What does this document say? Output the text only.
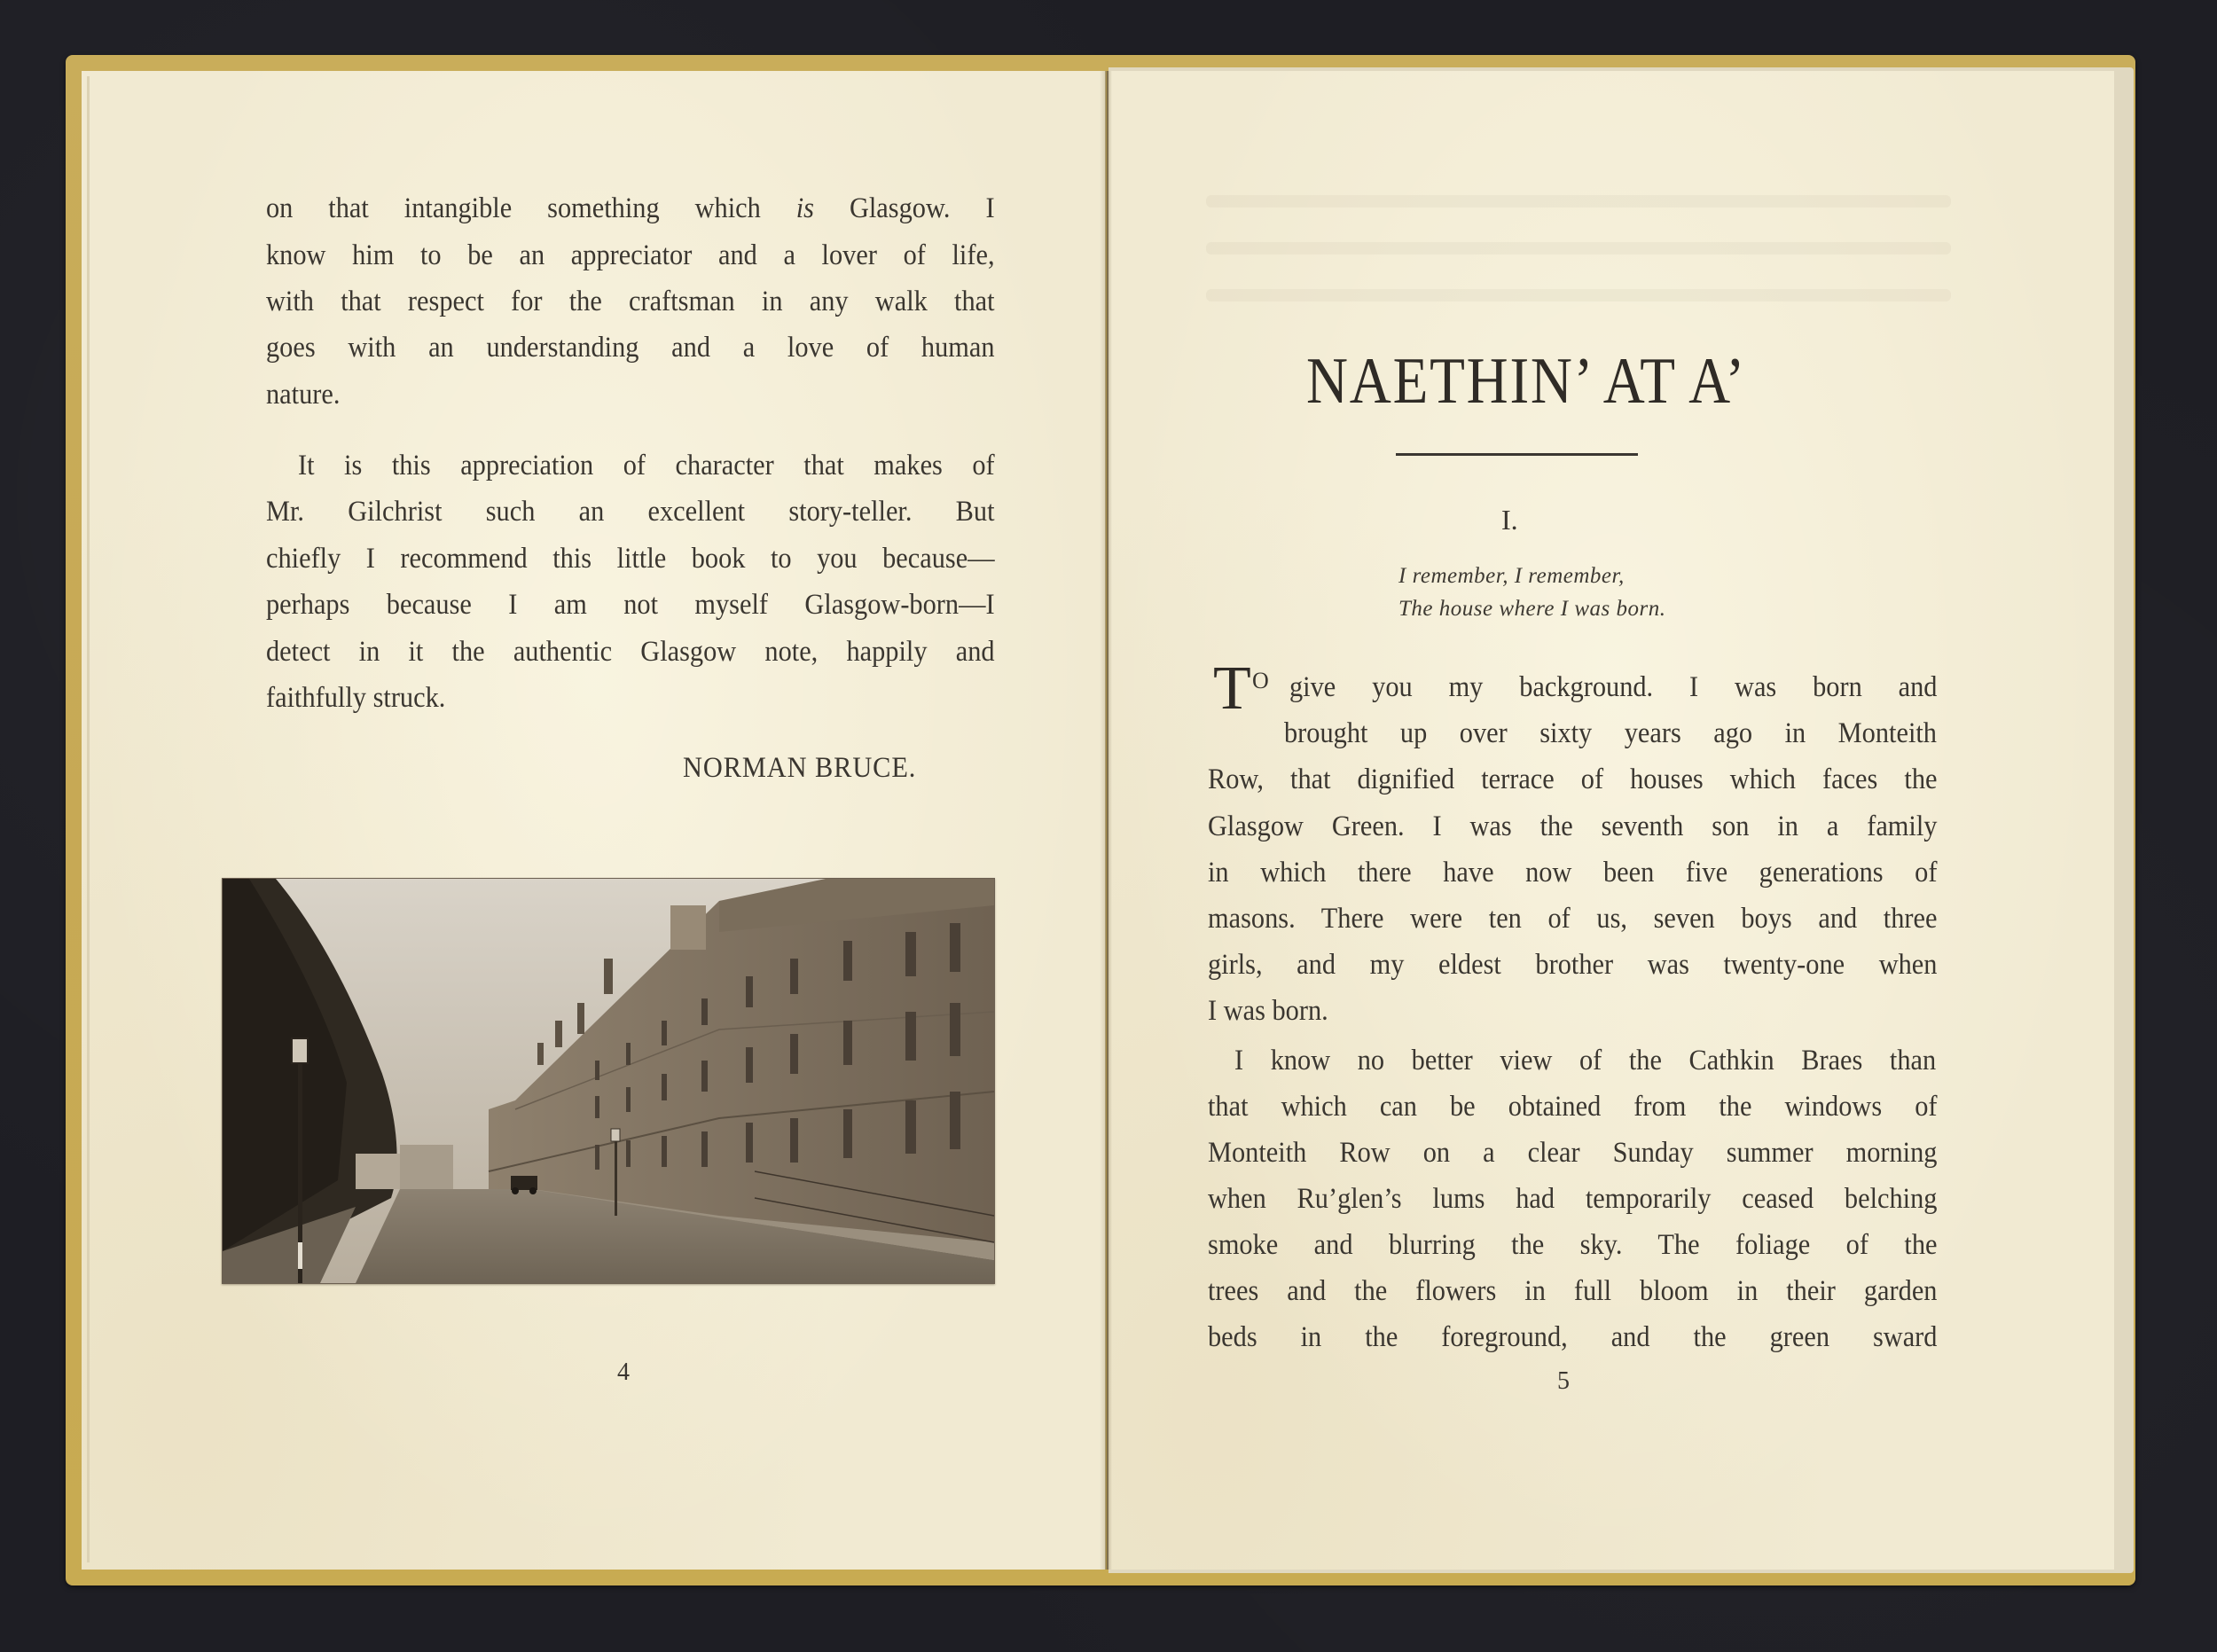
on that intangible something which is Glasgow. I
know him to be an appreciator and a lover of life,
with that respect for the craftsman in any walk that
goes with an understanding and a love of human
nature.
It is this appreciation of character that makes of
Mr. Gilchrist such an excellent story-teller. But
chiefly I recommend this little book to you because—
perhaps because I am not myself Glasgow-born—I
detect in it the authentic Glasgow note, happily and
faithfully struck.
NORMAN BRUCE.
4
NAETHIN’ AT A’
I.
I remember, I remember,
The house where I was born.
T O give you my background. I was born and
brought up over sixty years ago in Monteith
Row, that dignified terrace of houses which faces the
Glasgow Green. I was the seventh son in a family
in which there have now been five generations of
masons. There were ten of us, seven boys and three
girls, and my eldest brother was twenty-one when
I was born.
I know no better view of the Cathkin Braes than
that which can be obtained from the windows of
Monteith Row on a clear Sunday summer morning
when Ru’glen’s lums had temporarily ceased belching
smoke and blurring the sky. The foliage of the
trees and the flowers in full bloom in their garden
beds in the foreground, and the green sward
5
